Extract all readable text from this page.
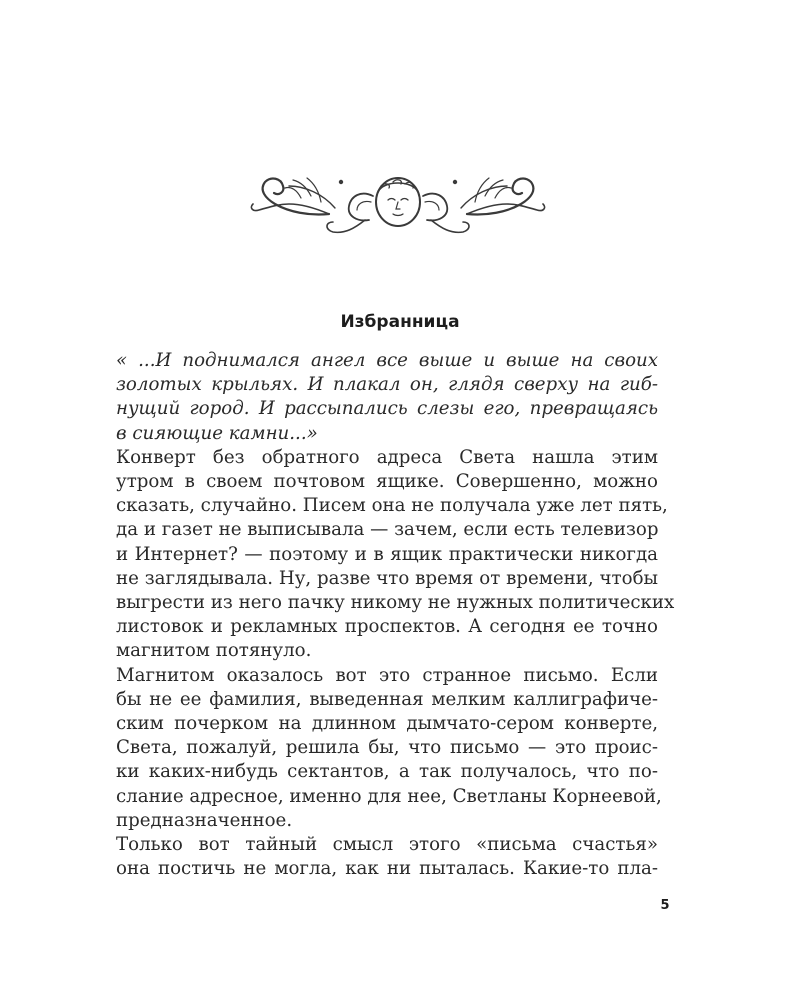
Избранница

« ...И поднимался ангел все выше и выше на своих
золотых крыльях. И плакал он, глядя сверху на гиб-
нущий город. И рассыпались слезы его, превращаясь
в сияющие камни...»

Конверт без обратного адреса Света нашла этим
утром в своем почтовом ящике. Совершенно, можно
сказать, случайно. Писем она не получала уже лет пять,
да и газет не выписывала — зачем, если есть телевизор
и Интернет? — поэтому и в ящик практически никогда
не заглядывала. Ну, разве что время от времени, чтобы
выгрести из него пачку никому не нужных политических
листовок и рекламных проспектов. А сегодня ее точно
магнитом потянуло.

Магнитом оказалось вот это странное письмо. Если
бы не ее фамилия, выведенная мелким каллиграфиче-
ским почерком на длинном дымчато-сером конверте,
Света, пожалуй, решила бы, что письмо — это проис-
ки каких-нибудь сектантов, а так получалось, что по-
слание адресное, именно для нее, Светланы Корнеевой,
предназначенное.

Только вот тайный смысл этого «письма счастья»
она постичь не могла, как ни пыталась. Какие-то пла-

5
